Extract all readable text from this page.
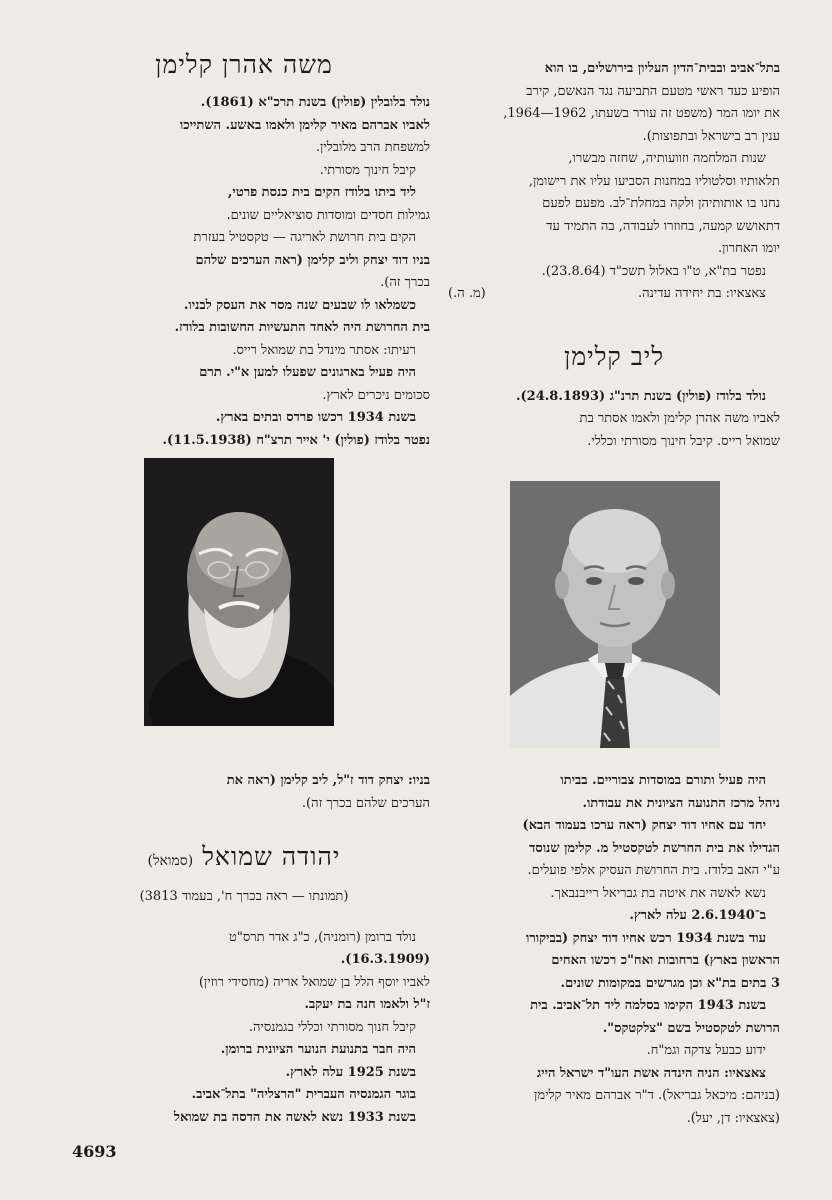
משה אהרן קלימן

נולד בלובלין (פולין) בשנת תרכ"א (1861).

לאביו אברהם מאיר קלימן ולאמו באשע. השתייכו

למשפחת הרב מלובלין.

קיבל חינוך מסורתי.

ליד ביתו בלודז הקים בית כנסת פרטי,

גמילות חסדים ומוסדות סוציאליים שונים.

הקים בית חרושת לאריגה — טקסטיל בעזרת

בניו דוד יצחק וליב קלימן (ראה הערכים שלהם

בכרך זה).

כשמלאו לו שבעים שנה מסר את העסק לבניו.

בית החרושת היה לאחד התעשיות החשובות בלודז.

רעיתו: אסתר מינדל בת שמואל רייס.

היה פעיל בארגונים שפעלו למען א"י. תרם

סכומים ניכרים לארץ.

בשנת 1934 רכשו פרדס ובתים בארץ.

נפטר בלודז (פולין) י' אייר תרצ"ח (11.5.1938).

בניו: יצחק דוד ז"ל, ליב קלימן (ראה את

הערכים שלהם בכרך זה).

יהודה שמואל (סמואל)

(תמונתו — ראה בכרך ח', בעמוד 3813)

נולד ברומן (רומניה), כ"ג אדר תרס"ט

(16.3.1909).

לאביו יוסף הלל בן שמואל אריה (מחסידי רוזין)

ז"ל ולאמו חנה בת יעקב.

קיבל חנוך מסורתי וכללי בגמנסיה.

היה חבר בתנועת הנוער הציונית ברומן.

בשנת 1925 עלה לארץ.

בוגר הגמנסיה העברית "הרצליה" בתל־אביב.

בשנת 1933 נשא לאשה את הדסה בת שמואל

בתל־אביב ובבית־הדין העליון בירושלים, בו הוא

הופיע כעד ראשי מטעם התביעה נגד הנאשם, קירב

את יומו המר (משפט זה עורר בשעתו, 1962—1964,

ענין רב בישראל ובתפוצות).

שנות המלחמה וזוועותיה, שחזה מבשרו,

תלאותיו וסלטוליו במחנות הסביעו עליו את רישומן,

נחנו בו אותותיהן ולקה במחלת־לב. מפעם לפעם

דתאושש קמעה, בחוזרו לעבודה, בה התמיד עד

יומו האחרון.

נפטר בת"א, ט"ו באלול תשכ"ד (23.8.64).

(מ. ה.)	צאצאיו: בת יחידה עדינה.

ליב קלימן

נולד בלודז (פולין) בשנת תרנ"ג (24.8.1893).

לאביו משה אהרן קלימן ולאמו אסתר בת

שמואל רייס. קיבל חינוך מסורתי וכללי.

היה פעיל ותורם במוסדות צבוריים. בביתו

ניהל מרכז התנועה הציונית את עבודתו.

יחד עם אחיו דוד יצחק (ראה ערכו בעמוד הבא)

הגדילו את בית החרשת לטקסטיל מ. קלימן שנוסד

ע"י האב בלודז. בית החרושת העסיק אלפי פועלים.

נשא לאשה את איטה בת גבריאל רייבנבאך.

ב־2.6.1940 עלה לארץ.

עוד בשנת 1934 רכש אחיו דוד יצחק (בביקורו

הראשון בארץ) ברחובות ואח"כ רכשו האחים

3 בתים בת"א וכן מגרשים במקומות שונים.

בשנת 1943 הקימו בסלמה ליד תל־אביב. בית

הרושת לטקסטיל בשם "צלקטקס".

ידוע כבעל צדקה וגמ"ח.

צאצאיו: הניה הינדה אשת העו"ד ישראל הייג

(בניהם: מיכאל גבריאל). ד"ר אברהם מאיר קלימן

(צאצאיו: דן, יעל).

4693
